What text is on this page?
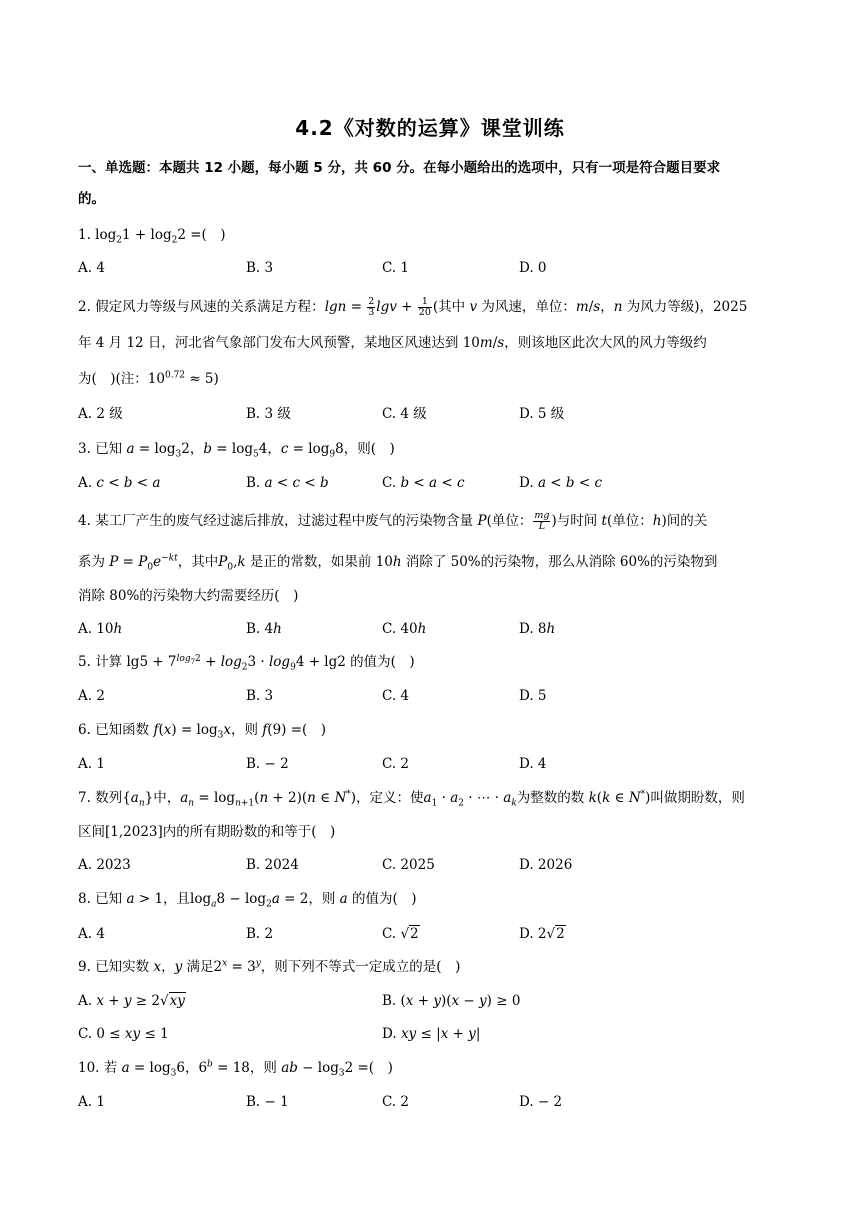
4.2《对数的运算》课堂训练
一、单选题：本题共 12 小题，每小题 5 分，共 60 分。在每小题给出的选项中，只有一项是符合题目要求
的。
1. $\log_21 + \log_22$ =(　)
A. 4	B. 3	C. 1	D. 0
2. 假定风力等级与风速的关系满足方程：$\lg n = \frac{2}{3}$ $\lg v + \frac{1}{20}$ (其中 v 为风速，单位：m/s，n 为风力等级)，2025
年 4 月 12 日，河北省气象部门发布大风预警，某地区风速达到 10m/s，则该地区此次大风的风力等级约
为(　)(注：$10^{0.72} \approx 5$)
A. 2 级	B. 3 级	C. 4 级	D. 5 级
3. 已知 $a = \log_32$，$b = \log_54$，$c = \log_98$，则(　)
A. c < b < a	B. a < c < b	C. b < a < c	D. a < b < c
4. 某工厂产生的废气经过滤后排放，过滤过程中废气的污染物含量 P(单位： $\frac{mg}{L}$ )与时间 t(单位：h)间的关
系为 $P = P_0e^{-kt}$，其中$P_0,k$ 是正的常数，如果前 10h 消除了 50%的污染物，那么从消除 60%的污染物到
消除 80%的污染物大约需要经历(　)
A. 10h	B. 4h	C. 40h	D. 8h
5. 计算 $\lg 5 + 7^{log_72} + \log_23 \cdot \log_94 + \lg 2$ 的值为(　)
A. 2	B. 3	C. 4	D. 5
6. 已知函数 $f(x) = \log_3x$，则 f(9) =(　)
A. 1	B. − 2	C. 2	D. 4
7. 数列$\{a_n\}$中，$a_n = \log_{n+1}(n + 2)(n$ ∈ N*)，定义：使$a_1 \cdot a_2$ · ⋯ · $a_k$为整数的数 k(k ∈ N*)叫做期盼数，则
区间[1,2023]内的所有期盼数的和等于(　)
A. 2023	B. 2024	C. 2025	D. 2026
8. 已知 a > 1，且$\log_a8 - \log_2a = 2$，则 a 的值为(　)
A. 4	B. 2	C. √2	D. 2√2
9. 已知实数 x，y 满足$2^x = 3^y$，则下列不等式一定成立的是(　)
A. x + y ≥ 2√xy	B. (x + y)(x − y) ≥ 0
C. 0 ≤ xy ≤ 1	D. xy ≤ |x + y|
10. 若 $a = \log_36$，$6^b = 18$，则 ab − $\log_32$ =(　)
A. 1	B. − 1	C. 2	D. − 2
